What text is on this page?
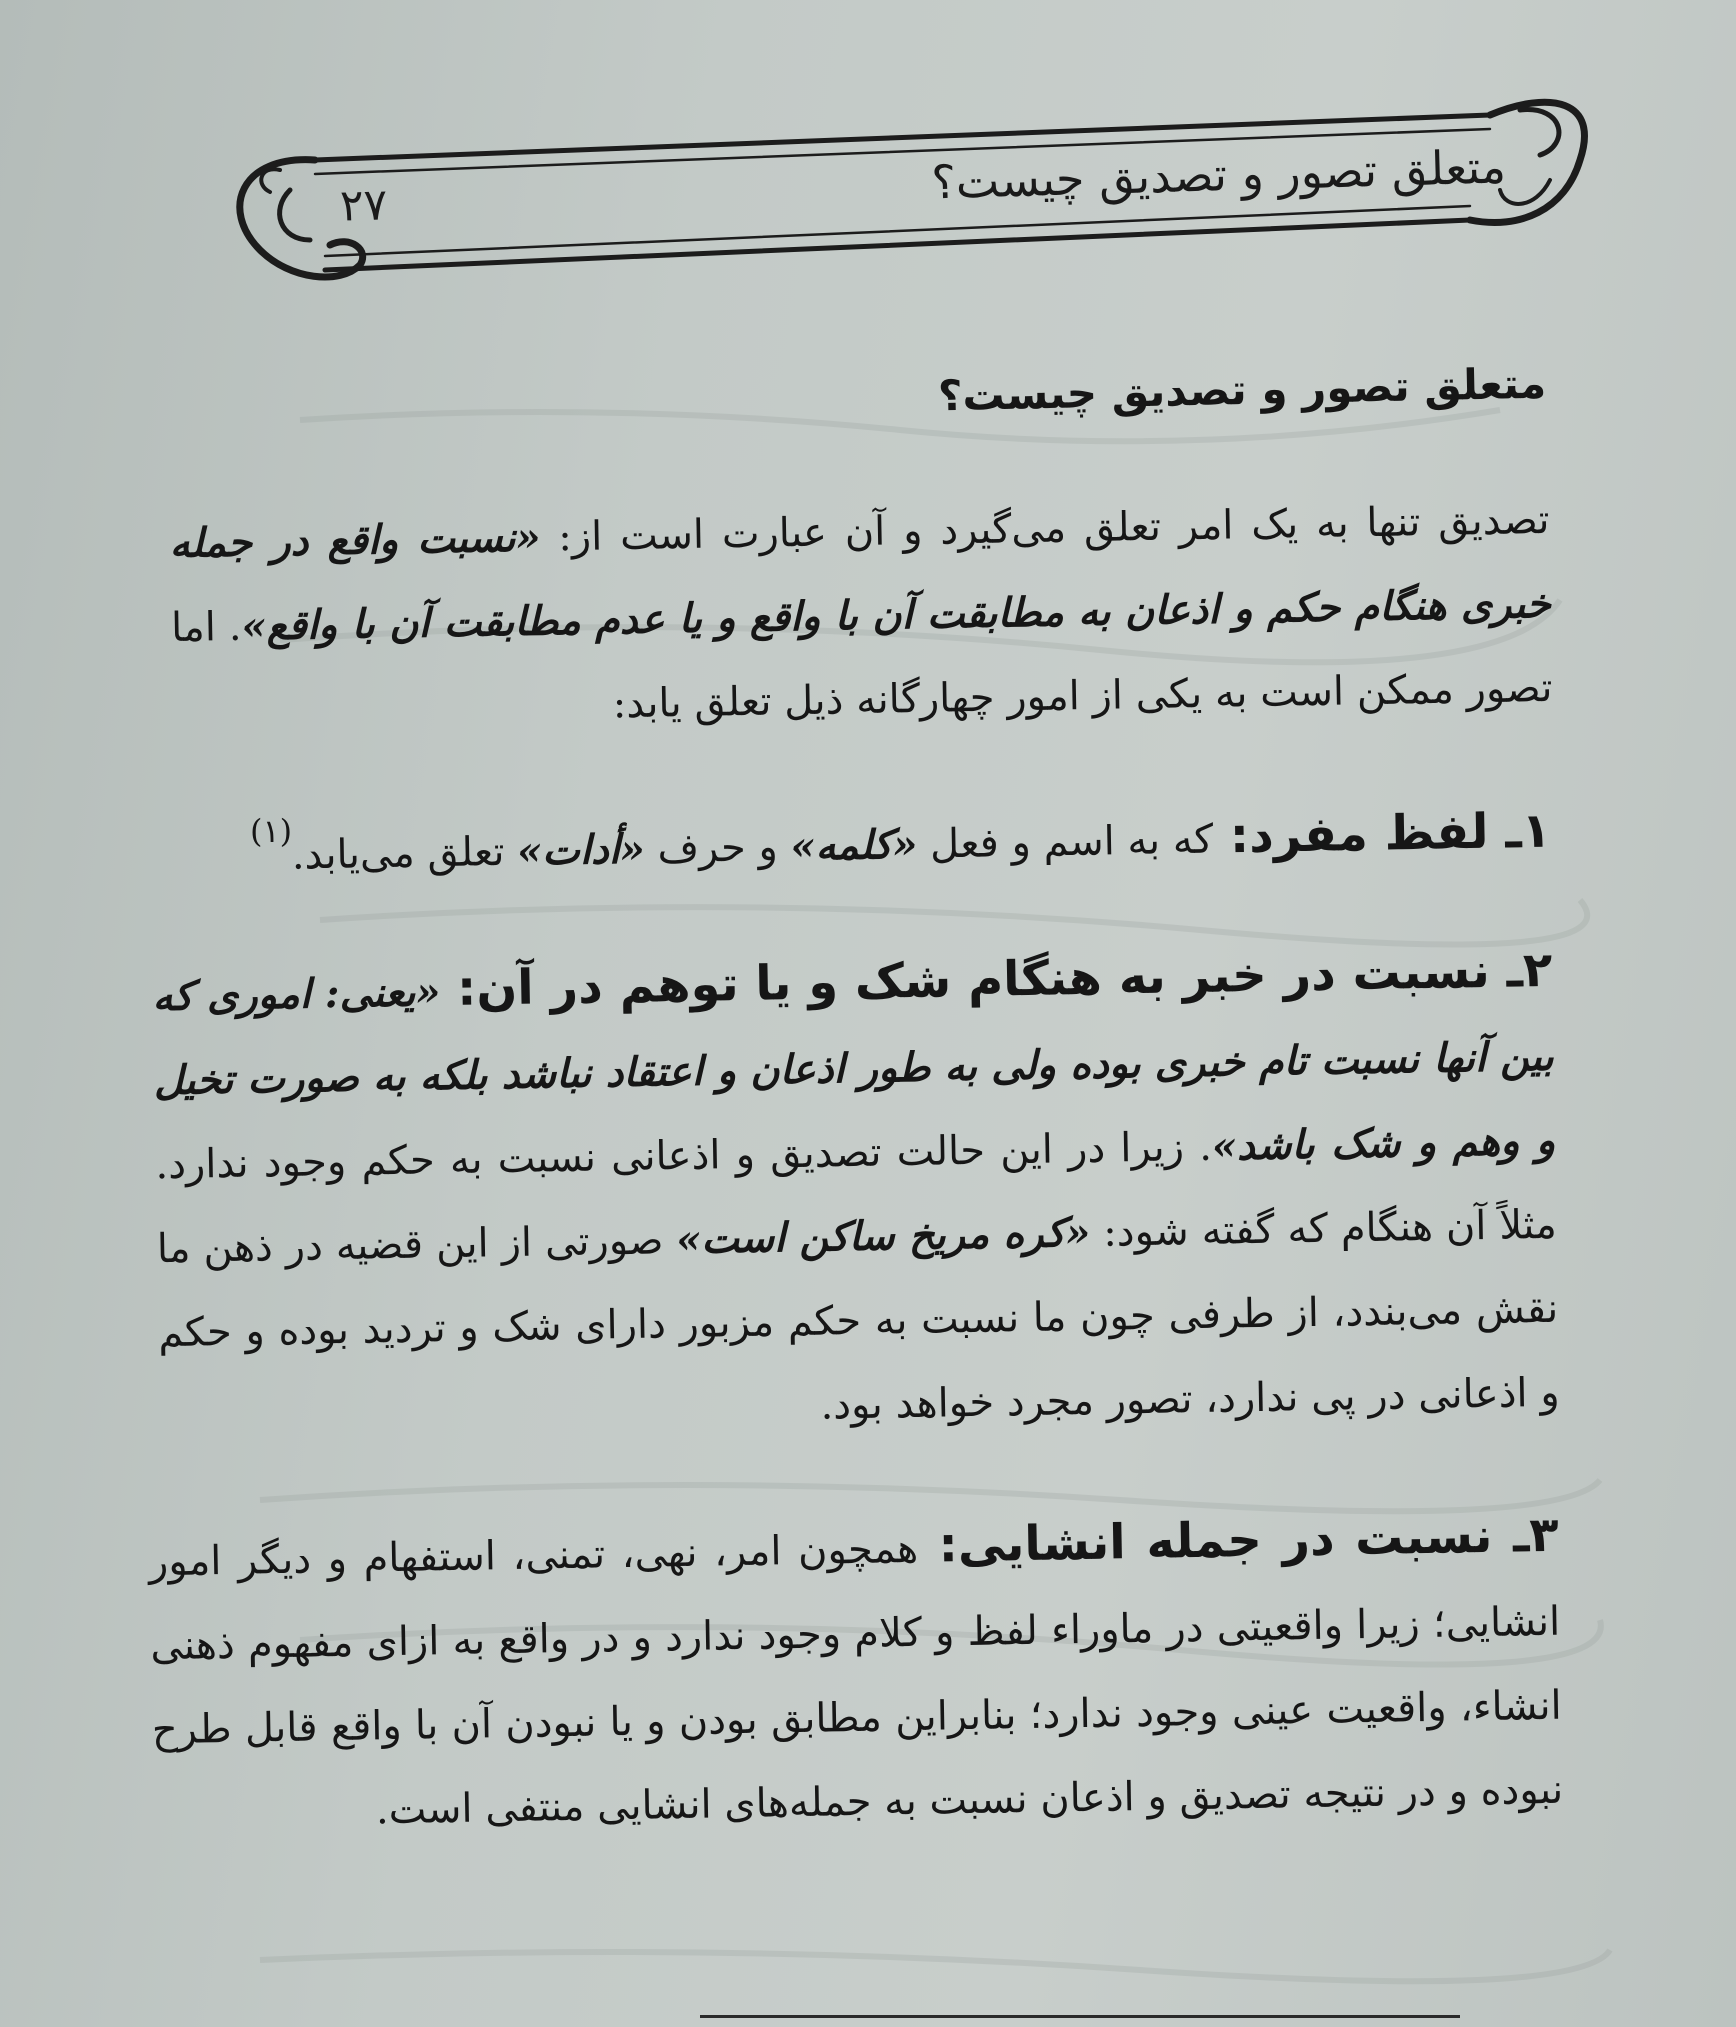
متعلق تصور و تصدیق چیست؟
۲۷
متعلق تصور و تصدیق چیست؟
تصدیق تنها به یک امر تعلق می‌گیرد و آن عبارت است از: «نسبت واقع در جمله خبری هنگام حکم و اذعان به مطابقت آن با واقع و یا عدم مطابقت آن با واقع». اما تصور ممکن است به یکی از امور چهارگانه ذیل تعلق یابد:
۱ـ لفظ مفرد: که به اسم و فعل «کلمه» و حرف «أدات» تعلق می‌یابد.
(۱)
۲ـ نسبت در خبر به هنگام شک و یا توهم در آن: «یعنی: اموری که بین آنها نسبت تام خبری بوده ولی به طور اذعان و اعتقاد نباشد بلکه به صورت تخیل و وهم و شک باشد». زیرا در این حالت تصدیق و اذعانی نسبت به حکم وجود ندارد. مثلاً آن هنگام که گفته شود: «کره مریخ ساکن است» صورتی از این قضیه در ذهن ما نقش می‌بندد، از طرفی چون ما نسبت به حکم مزبور دارای شک و تردید بوده و حکم و اذعانی در پی ندارد، تصور مجرد خواهد بود.
۳ـ نسبت در جمله انشایی: همچون امر، نهی، تمنی، استفهام و دیگر امور انشایی؛ زیرا واقعیتی در ماوراء لفظ و کلام وجود ندارد و در واقع به ازای مفهوم ذهنی انشاء، واقعیت عینی وجود ندارد؛ بنابراین مطابق بودن و یا نبودن آن با واقع قابل طرح نبوده و در نتیجه تصدیق و اذعان نسبت به جمله‌های انشایی منتفی است.
